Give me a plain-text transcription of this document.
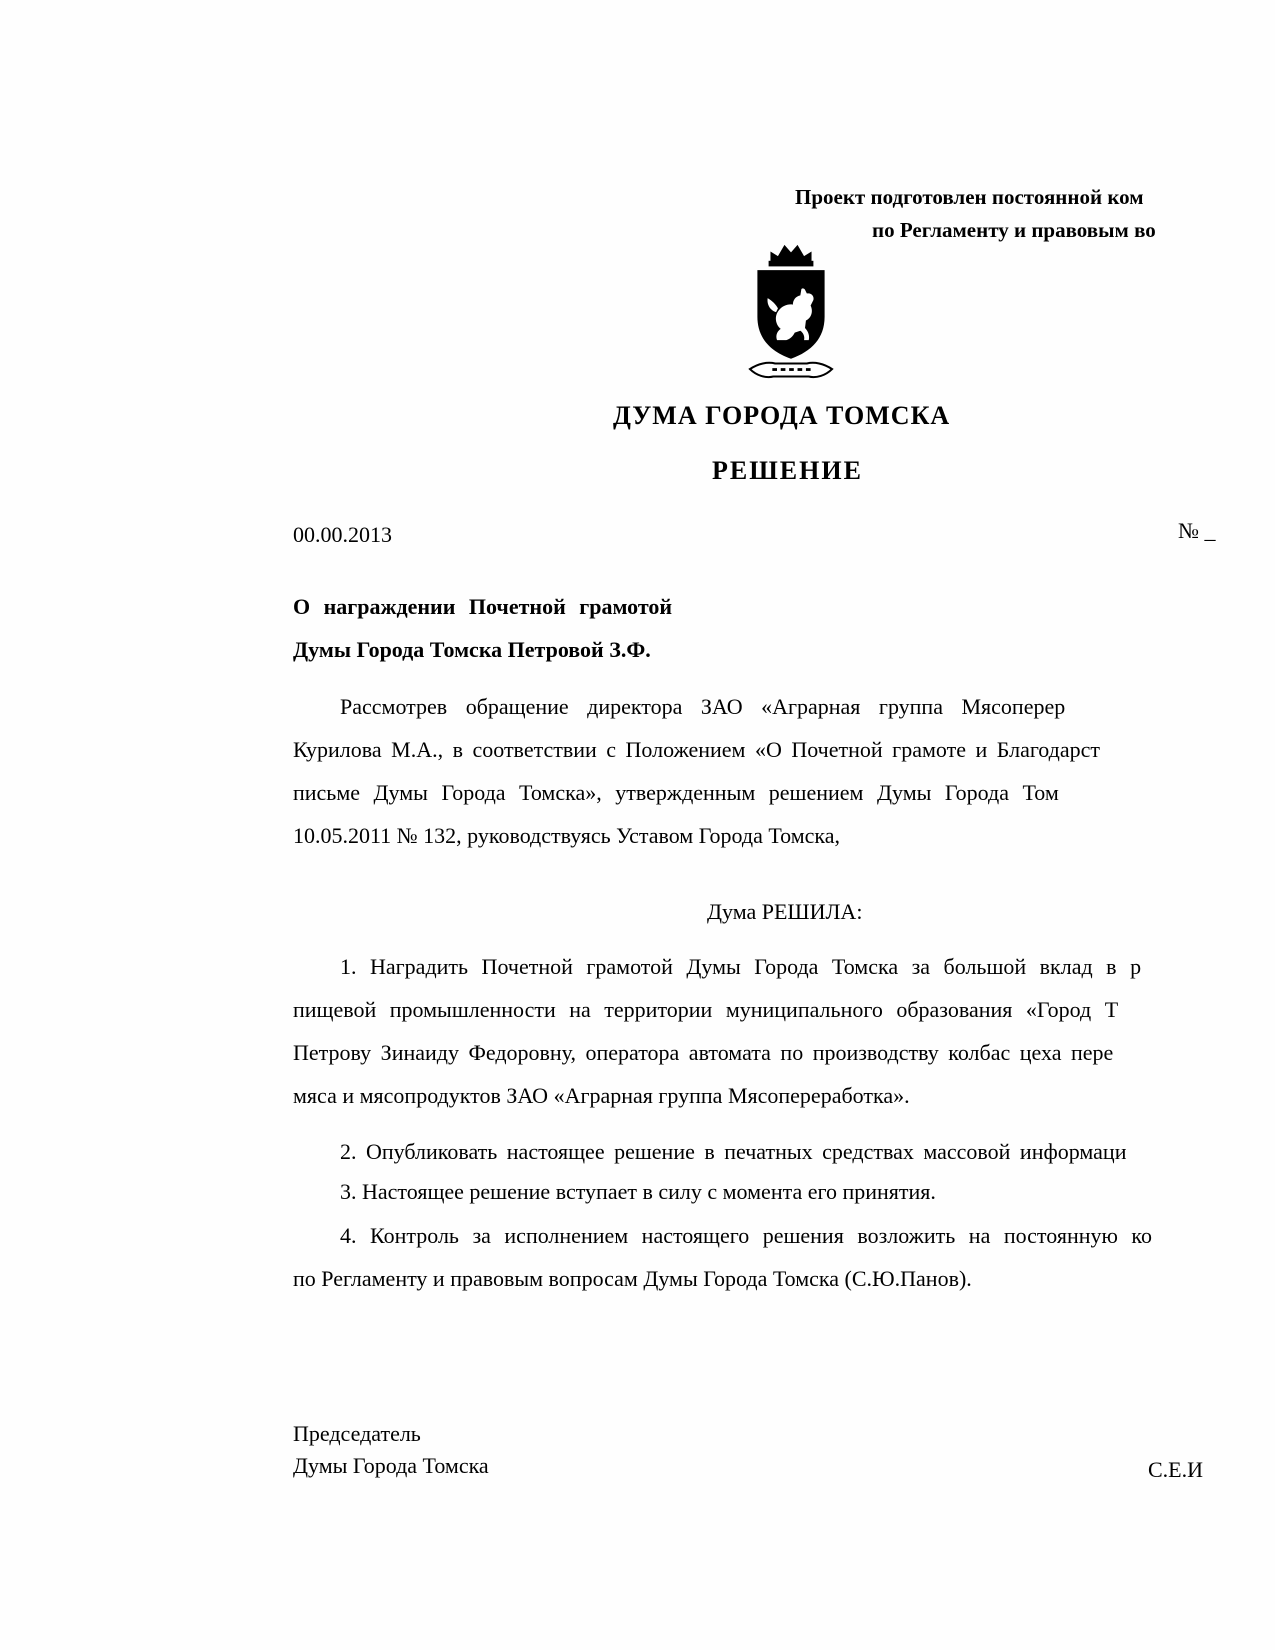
Проект подготовлен постоянной ком
по Регламенту и правовым во
ДУМА ГОРОДА ТОМСКА
РЕШЕНИЕ
00.00.2013	№ _
О награждении Почетной грамотой
Думы Города Томска Петровой З.Ф.
Рассмотрев обращение директора ЗАО «Аграрная группа Мясоперер
Курилова М.А., в соответствии с Положением «О Почетной грамоте и Благодарст
письме Думы Города Томска», утвержденным решением Думы Города Том
10.05.2011 № 132, руководствуясь Уставом Города Томска,
Дума РЕШИЛА:
1. Наградить Почетной грамотой Думы Города Томска за большой вклад в р
пищевой промышленности на территории муниципального образования «Город Т
Петрову Зинаиду Федоровну, оператора автомата по производству колбас цеха пере
мяса и мясопродуктов ЗАО «Аграрная группа Мясопереработка».
2. Опубликовать настоящее решение в печатных средствах массовой информаци
3. Настоящее решение вступает в силу с момента его принятия.
4. Контроль за исполнением настоящего решения возложить на постоянную ко
по Регламенту и правовым вопросам Думы Города Томска (С.Ю.Панов).
Председатель
Думы Города Томска	С.Е.И
